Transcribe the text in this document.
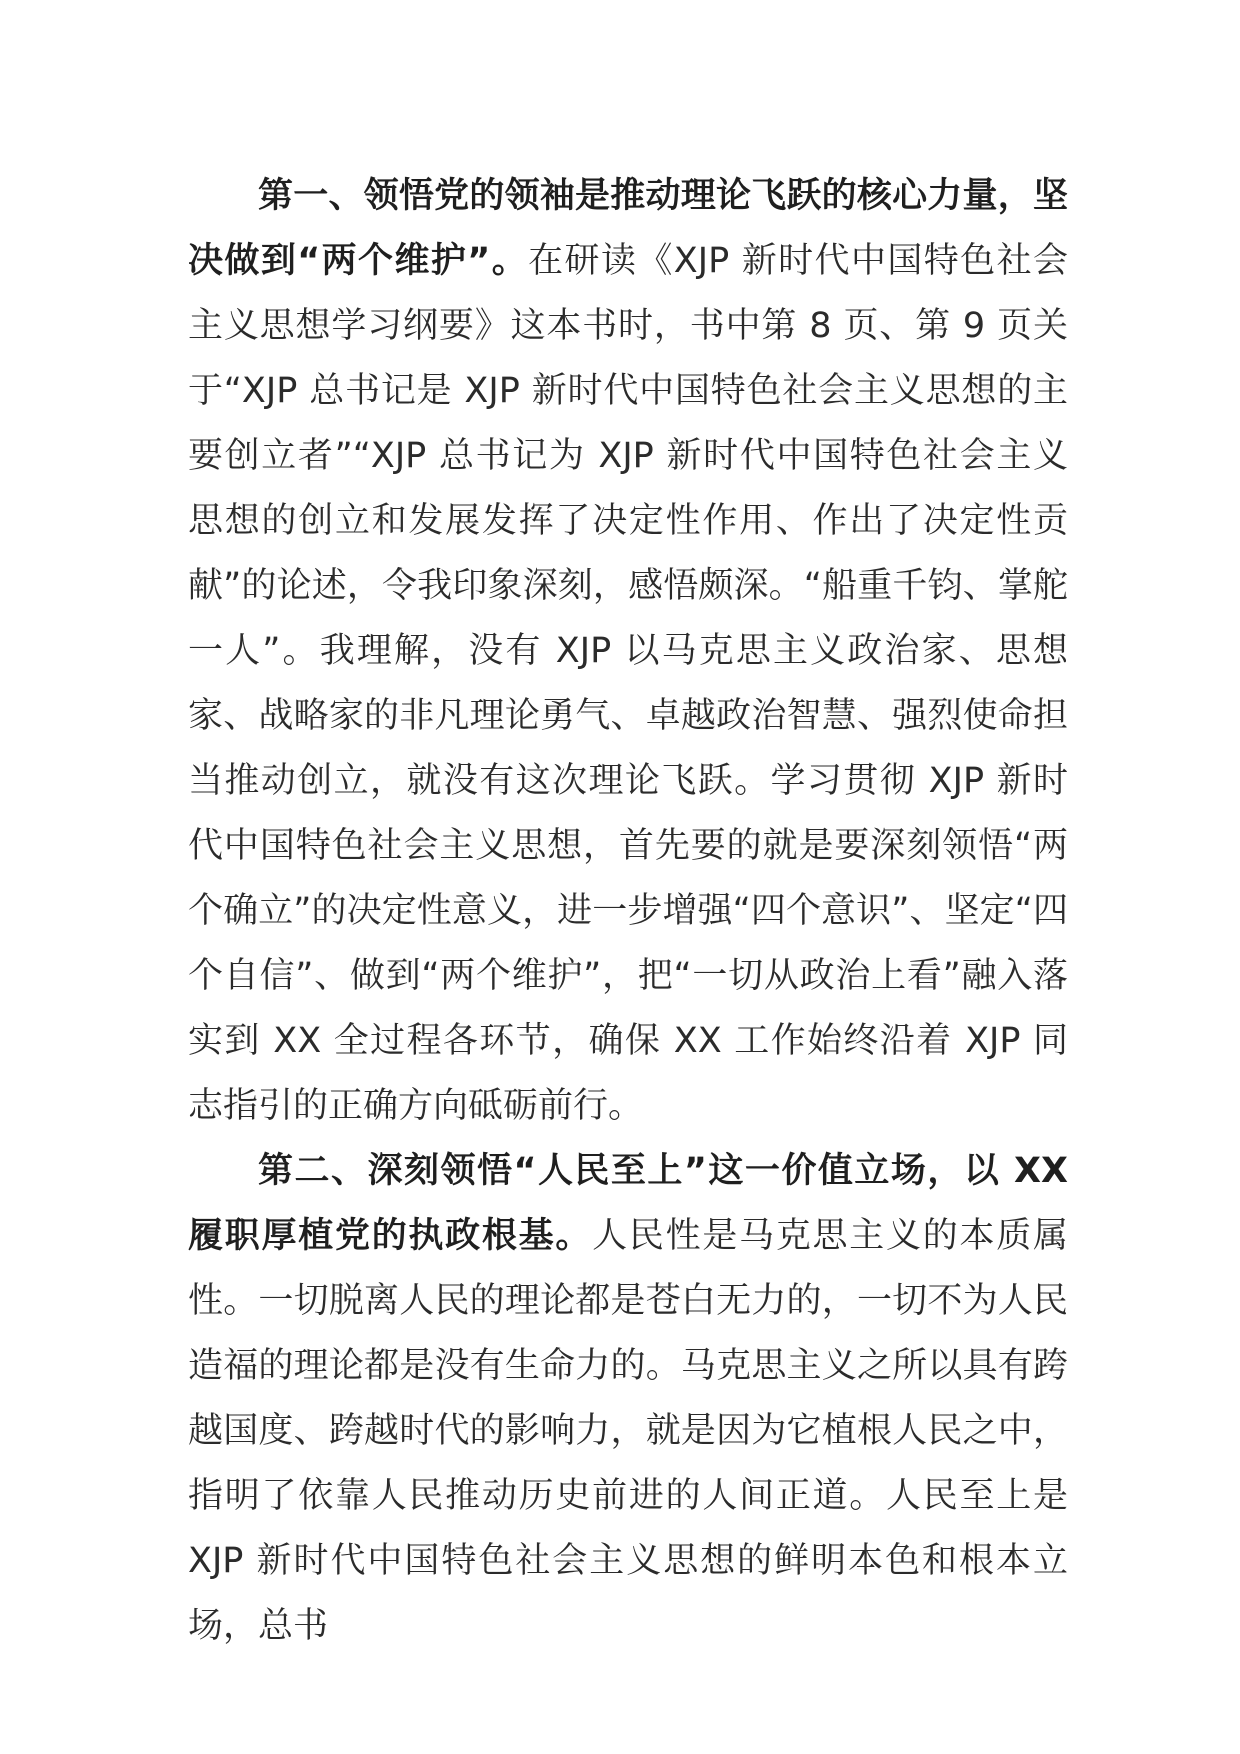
第一、领悟党的领袖是推动理论飞跃的核心力量，坚决做到“两个维护”。在研读《XJP 新时代中国特色社会主义思想学习纲要》这本书时，书中第 8 页、第 9 页关于“XJP 总书记是 XJP 新时代中国特色社会主义思想的主要创立者”“XJP 总书记为 XJP 新时代中国特色社会主义思想的创立和发展发挥了决定性作用、作出了决定性贡献”的论述，令我印象深刻，感悟颇深。“船重千钧、掌舵一人”。我理解，没有 XJP 以马克思主义政治家、思想家、战略家的非凡理论勇气、卓越政治智慧、强烈使命担当推动创立，就没有这次理论飞跃。学习贯彻 XJP 新时代中国特色社会主义思想，首先要的就是要深刻领悟“两个确立”的决定性意义，进一步增强“四个意识”、坚定“四个自信”、做到“两个维护”，把“一切从政治上看”融入落实到 XX 全过程各环节，确保 XX 工作始终沿着 XJP 同志指引的正确方向砥砺前行。

第二、深刻领悟“人民至上”这一价值立场，以 XX 履职厚植党的执政根基。人民性是马克思主义的本质属性。一切脱离人民的理论都是苍白无力的，一切不为人民造福的理论都是没有生命力的。马克思主义之所以具有跨越国度、跨越时代的影响力，就是因为它植根人民之中，指明了依靠人民推动历史前进的人间正道。人民至上是 XJP 新时代中国特色社会主义思想的鲜明本色和根本立场，总书
